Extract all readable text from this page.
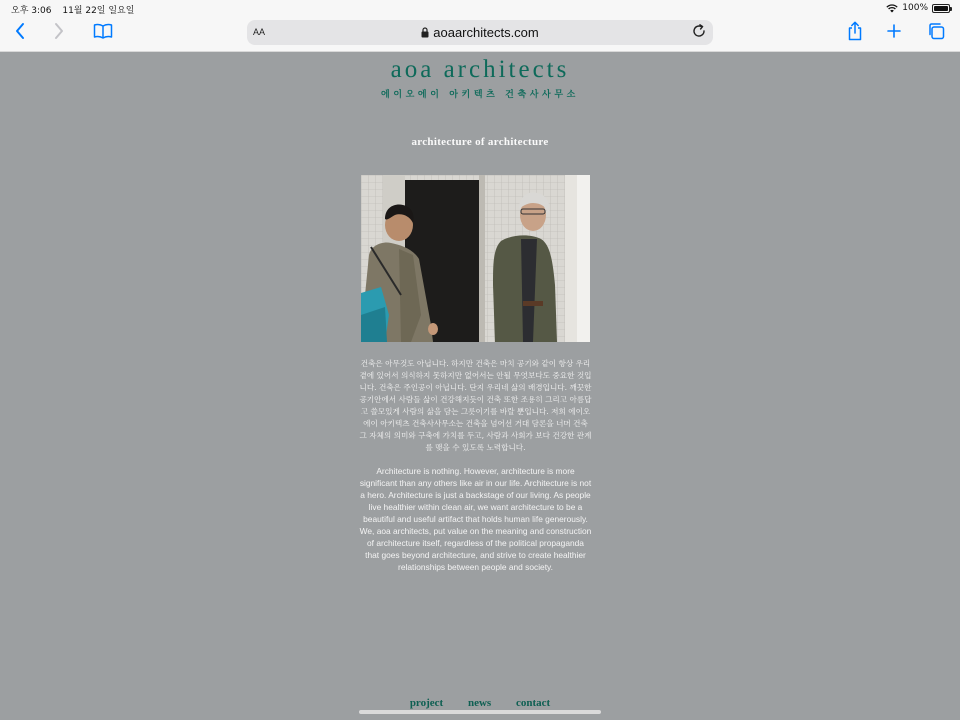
오후 3:06 11월 22일 일요일	100%
AA	aoaarchitects.com
aoa architects
에이오에이 아키텍츠 건축사사무소
architecture of architecture

건축은 아무것도 아닙니다. 하지만 건축은 마치 공기와 같이 항상 우리 곁에 있어서 의식하지 못하지만 없어서는 안될 무엇보다도 중요한 것입니다. 건축은 주인공이 아닙니다. 단지 우리네 삶의 배경입니다. 깨끗한 공기안에서 사람들 삶이 건강해지듯이 건축 또한 조용히 그리고 아름답고 쓸모있게 사람의 삶을 담는 그릇이기를 바랄 뿐입니다. 저희 에이오에이 아키텍츠 건축사사무소는 건축을 넘어선 거대 담론을 너머 건축 그 자체의 의미와 구축에 가치를 두고, 사람과 사회가 보다 건강한 관계를 맺을 수 있도록 노력합니다.

Architecture is nothing. However, architecture is more significant than any others like air in our life. Architecture is not a hero. Architecture is just a backstage of our living. As people live healthier within clean air, we want architecture to be a beautiful and useful artifact that holds human life generously. We, aoa architects, put value on the meaning and construction of architecture itself, regardless of the political propaganda that goes beyond architecture, and strive to create healthier relationships between people and society.

project news contact
